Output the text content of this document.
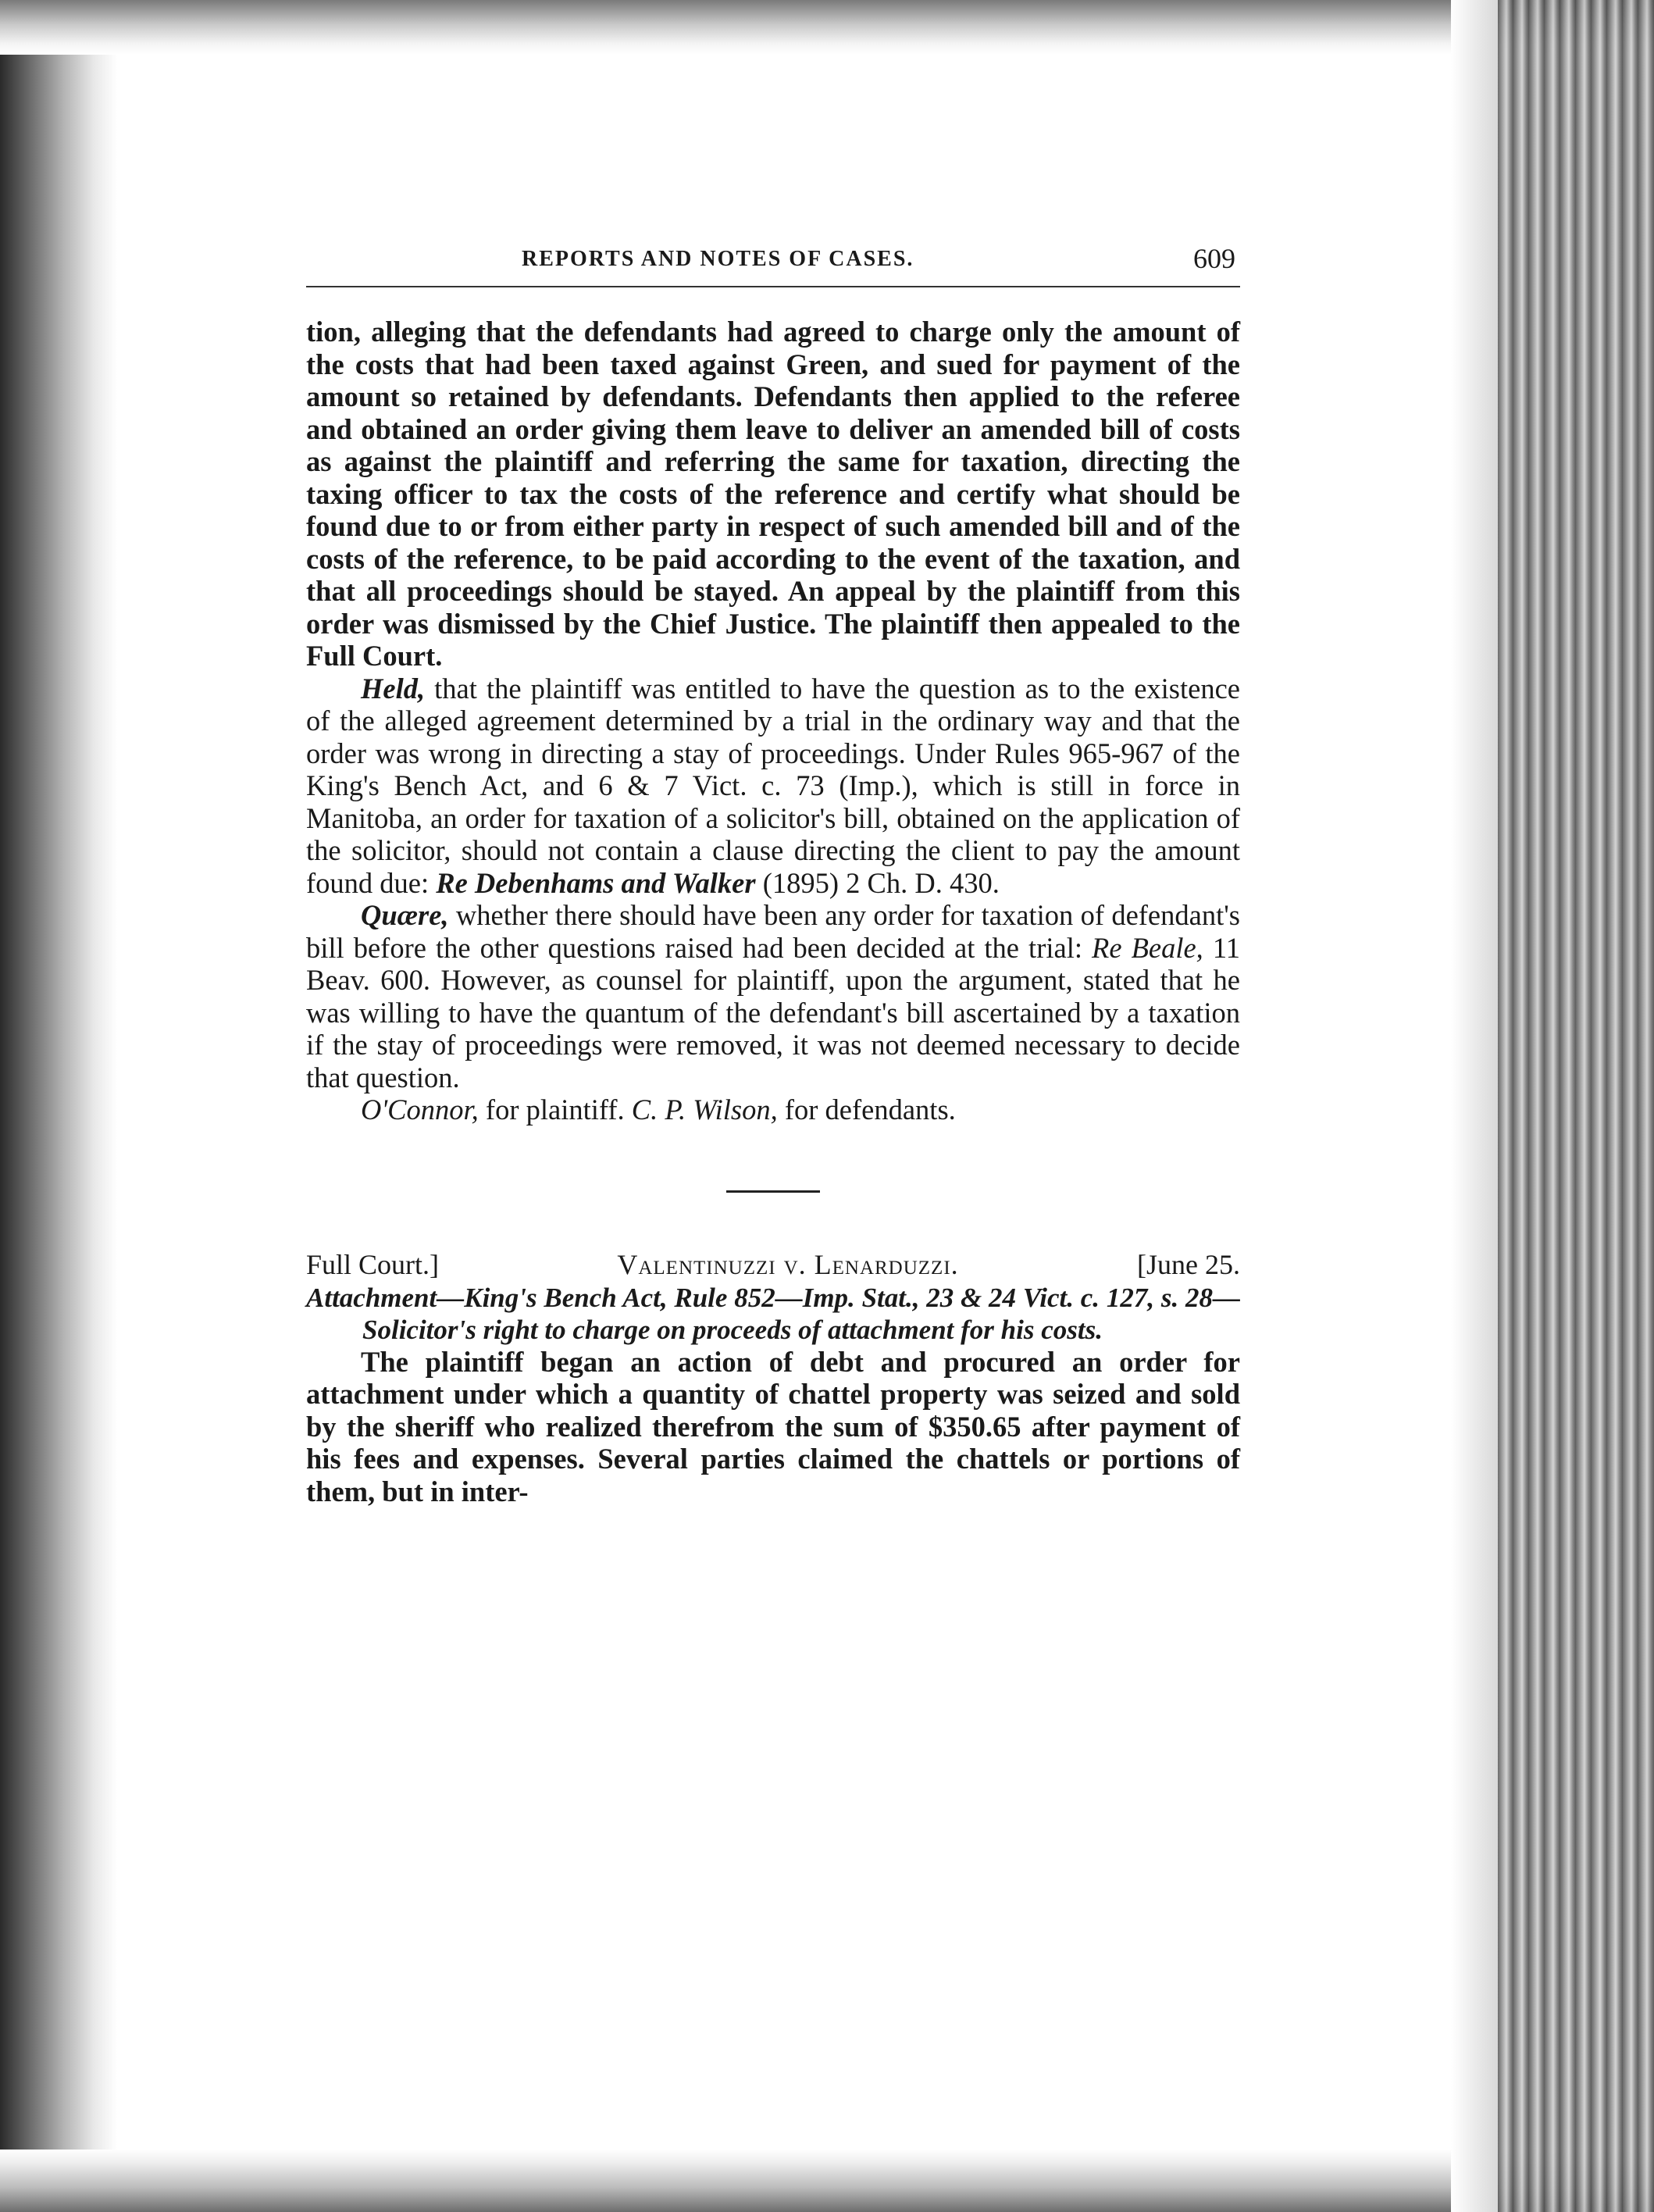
REPORTS AND NOTES OF CASES.	609

tion, alleging that the defendants had agreed to charge only the amount of the costs that had been taxed against Green, and sued for payment of the amount so retained by defendants. Defendants then applied to the referee and obtained an order giving them leave to deliver an amended bill of costs as against the plaintiff and referring the same for taxation, directing the taxing officer to tax the costs of the reference and certify what should be found due to or from either party in respect of such amended bill and of the costs of the reference, to be paid according to the event of the taxation, and that all proceedings should be stayed. An appeal by the plaintiff from this order was dismissed by the Chief Justice. The plaintiff then appealed to the Full Court.

Held, that the plaintiff was entitled to have the question as to the existence of the alleged agreement determined by a trial in the ordinary way and that the order was wrong in directing a stay of proceedings. Under Rules 965-967 of the King's Bench Act, and 6 & 7 Vict. c. 73 (Imp.), which is still in force in Manitoba, an order for taxation of a solicitor's bill, obtained on the application of the solicitor, should not contain a clause directing the client to pay the amount found due: Re Debenhams and Walker (1895) 2 Ch. D. 430.

Quære, whether there should have been any order for taxation of defendant's bill before the other questions raised had been decided at the trial: Re Beale, 11 Beav. 600. However, as counsel for plaintiff, upon the argument, stated that he was willing to have the quantum of the defendant's bill ascertained by a taxation if the stay of proceedings were removed, it was not deemed necessary to decide that question.

O'Connor, for plaintiff. C. P. Wilson, for defendants.

Full Court.]	Valentinuzzi v. Lenarduzzi.	[June 25.

Attachment—King's Bench Act, Rule 852—Imp. Stat., 23 & 24 Vict. c. 127, s. 28—Solicitor's right to charge on proceeds of attachment for his costs.

The plaintiff began an action of debt and procured an order for attachment under which a quantity of chattel property was seized and sold by the sheriff who realized therefrom the sum of $350.65 after payment of his fees and expenses. Several parties claimed the chattels or portions of them, but in inter-
